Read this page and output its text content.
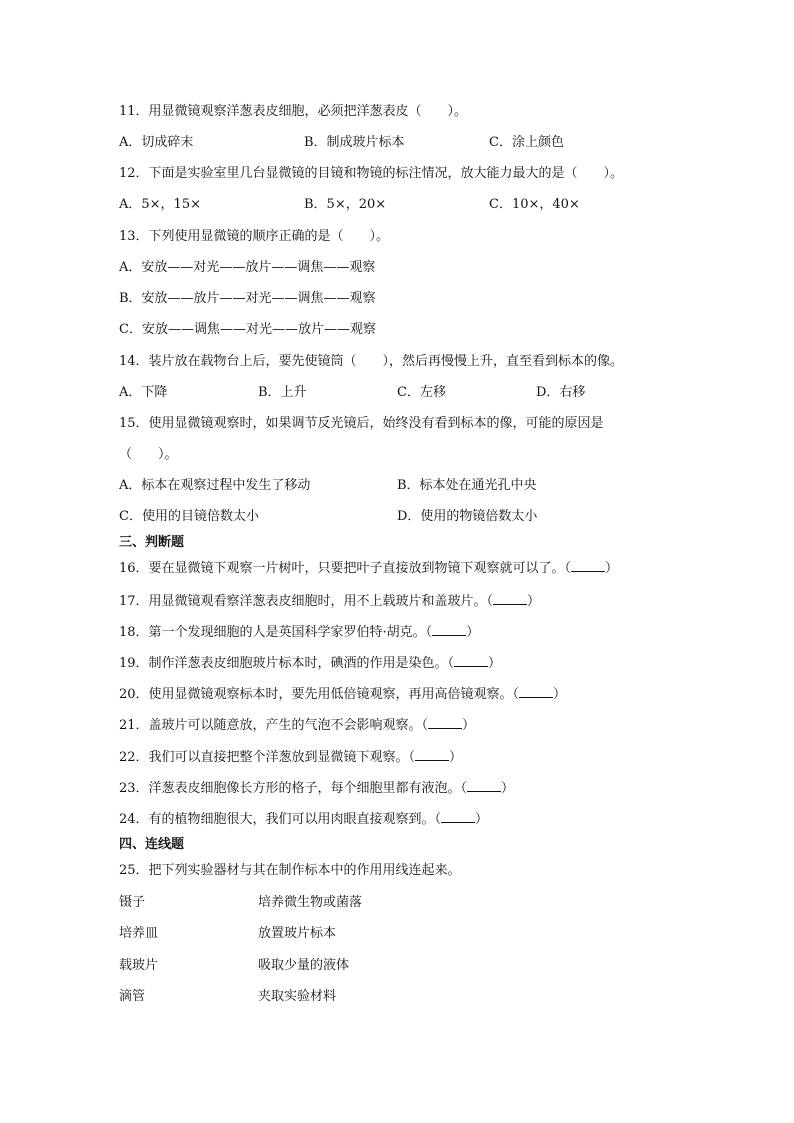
11．用显微镜观察洋葱表皮细胞，必须把洋葱表皮（　　）。
A．切成碎末	B．制成玻片标本	C．涂上颜色
12．下面是实验室里几台显微镜的目镜和物镜的标注情况，放大能力最大的是（　　）。
A．5×，15×	B．5×，20×	C．10×，40×
13．下列使用显微镜的顺序正确的是（　　）。
A．安放——对光——放片——调焦——观察
B．安放——放片——对光——调焦——观察
C．安放——调焦——对光——放片——观察
14．装片放在载物台上后，要先使镜筒（　　），然后再慢慢上升，直至看到标本的像。
A．下降	B．上升	C．左移	D．右移
15．使用显微镜观察时，如果调节反光镜后，始终没有看到标本的像，可能的原因是
（　　）。
A．标本在观察过程中发生了移动	B．标本处在通光孔中央
C．使用的目镜倍数太小	D．使用的物镜倍数太小
三、判断题
16．要在显微镜下观察一片树叶，只要把叶子直接放到物镜下观察就可以了。（	）
17．用显微镜观看察洋葱表皮细胞时，用不上载玻片和盖玻片。（	）
18．第一个发现细胞的人是英国科学家罗伯特·胡克。（	）
19．制作洋葱表皮细胞玻片标本时，碘酒的作用是染色。（	）
20．使用显微镜观察标本时，要先用低倍镜观察，再用高倍镜观察。（	）
21．盖玻片可以随意放，产生的气泡不会影响观察。（	）
22．我们可以直接把整个洋葱放到显微镜下观察。（	）
23．洋葱表皮细胞像长方形的格子，每个细胞里都有液泡。（	）
24．有的植物细胞很大，我们可以用肉眼直接观察到。（	）
四、连线题
25．把下列实验器材与其在制作标本中的作用用线连起来。
镊子	培养微生物或菌落
培养皿	放置玻片标本
载玻片	吸取少量的液体
滴管	夹取实验材料
